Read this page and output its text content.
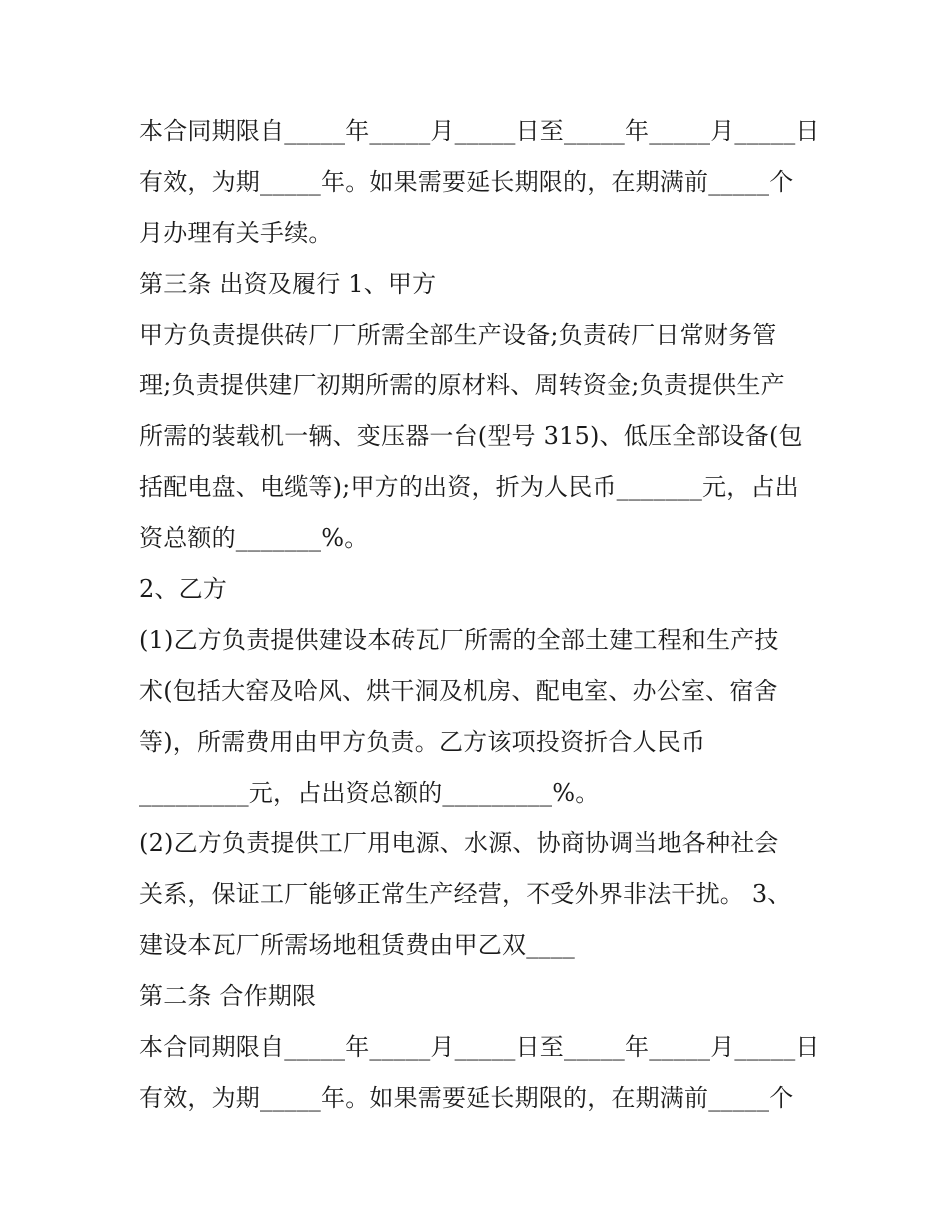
本合同期限自_____年_____月_____日至_____年_____月_____日
有效，为期_____年。如果需要延长期限的，在期满前_____个
月办理有关手续。
第三条 出资及履行 1、甲方
甲方负责提供砖厂厂所需全部生产设备;负责砖厂日常财务管
理;负责提供建厂初期所需的原材料、周转资金;负责提供生产
所需的装载机一辆、变压器一台(型号 315)、低压全部设备(包
括配电盘、电缆等);甲方的出资，折为人民币_______元，占出
资总额的_______%。
2、乙方
(1)乙方负责提供建设本砖瓦厂所需的全部土建工程和生产技
术(包括大窑及哈风、烘干洞及机房、配电室、办公室、宿舍
等)，所需费用由甲方负责。乙方该项投资折合人民币
_________元，占出资总额的_________%。
(2)乙方负责提供工厂用电源、水源、协商协调当地各种社会
关系，保证工厂能够正常生产经营，不受外界非法干扰。 3、
建设本瓦厂所需场地租赁费由甲乙双____
第二条 合作期限
本合同期限自_____年_____月_____日至_____年_____月_____日
有效，为期_____年。如果需要延长期限的，在期满前_____个
